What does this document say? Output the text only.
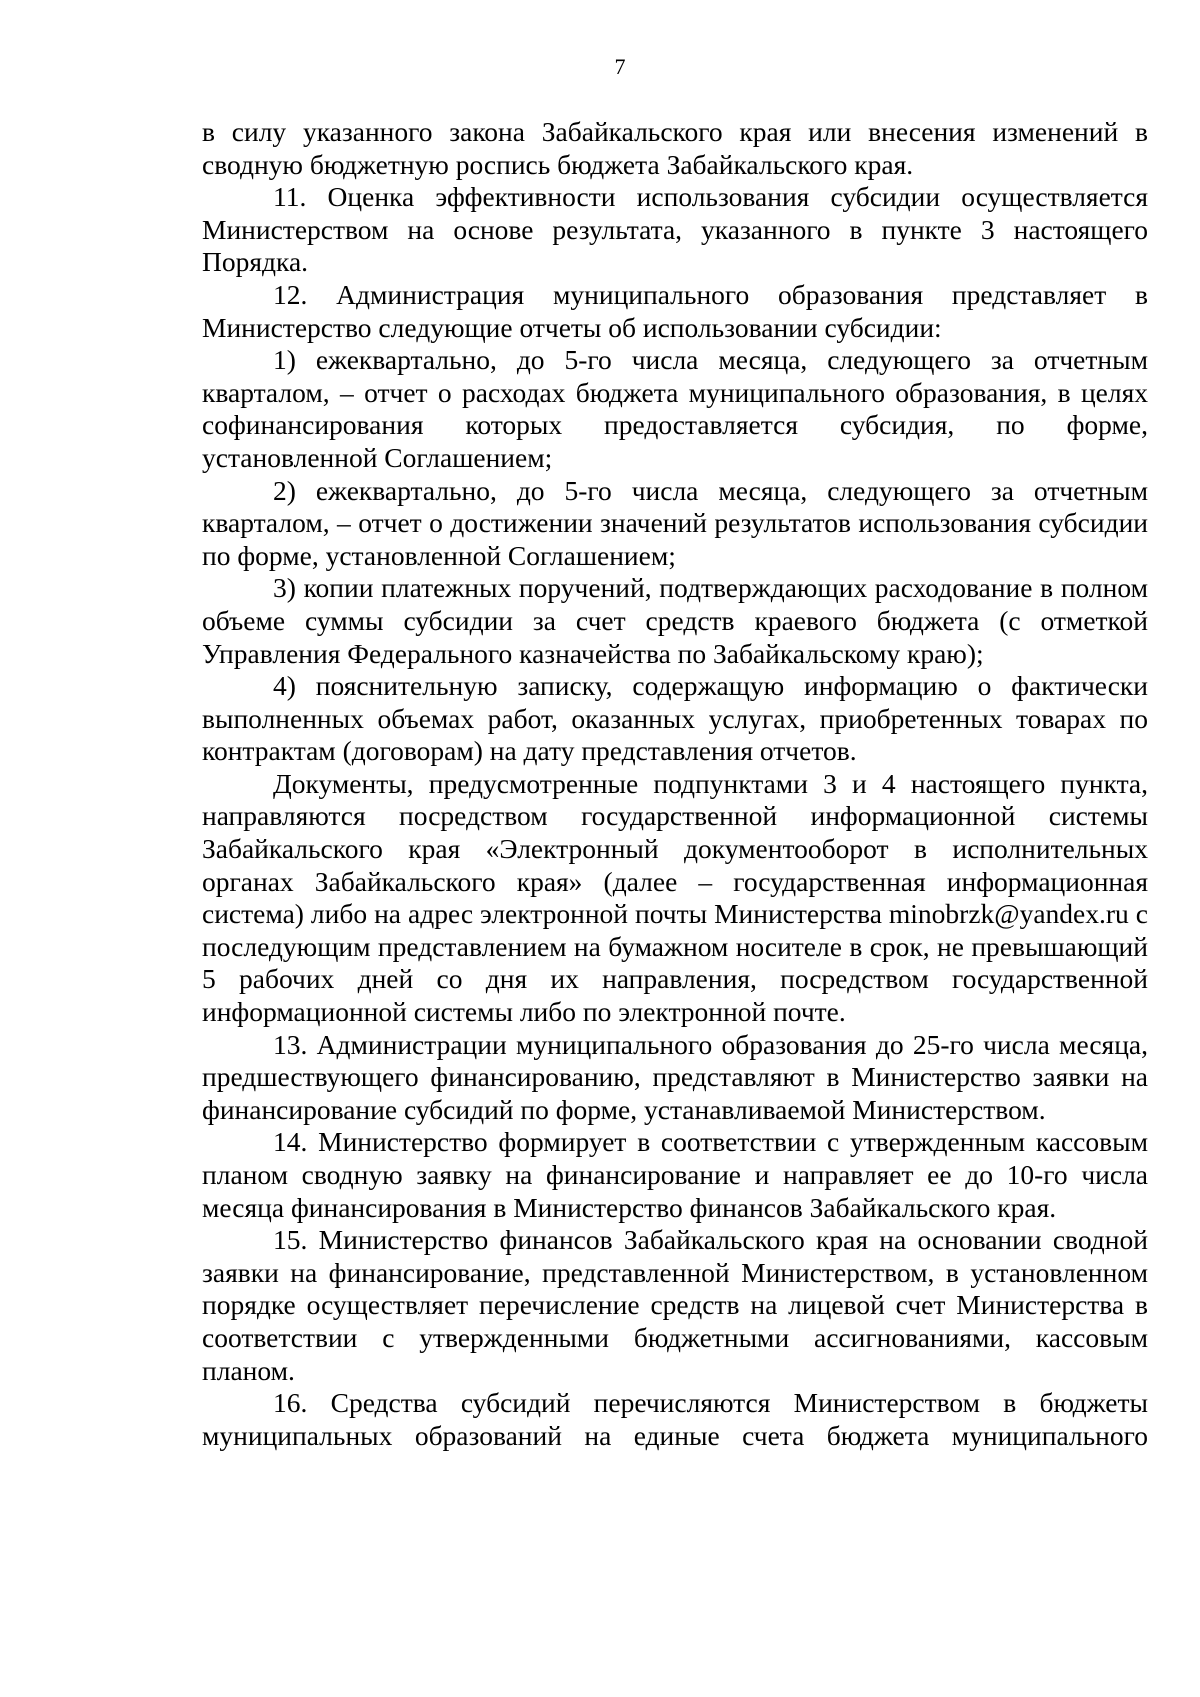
7

в силу указанного закона Забайкальского края или внесения изменений в сводную бюджетную роспись бюджета Забайкальского края.

11. Оценка эффективности использования субсидии осуществляется Министерством на основе результата, указанного в пункте 3 настоящего Порядка.

12. Администрация муниципального образования представляет в Министерство следующие отчеты об использовании субсидии:

1) ежеквартально, до 5-го числа месяца, следующего за отчетным кварталом, – отчет о расходах бюджета муниципального образования, в целях софинансирования которых предоставляется субсидия, по форме, установленной Соглашением;

2) ежеквартально, до 5-го числа месяца, следующего за отчетным кварталом, – отчет о достижении значений результатов использования субсидии по форме, установленной Соглашением;

3) копии платежных поручений, подтверждающих расходование в полном объеме суммы субсидии за счет средств краевого бюджета (с отметкой Управления Федерального казначейства по Забайкальскому краю);

4) пояснительную записку, содержащую информацию о фактически выполненных объемах работ, оказанных услугах, приобретенных товарах по контрактам (договорам) на дату представления отчетов.

Документы, предусмотренные подпунктами 3 и 4 настоящего пункта, направляются посредством государственной информационной системы Забайкальского края «Электронный документооборот в исполнительных органах Забайкальского края» (далее – государственная информационная система) либо на адрес электронной почты Министерства minobrzk@yandex.ru с последующим представлением на бумажном носителе в срок, не превышающий 5 рабочих дней со дня их направления, посредством государственной информационной системы либо по электронной почте.

13. Администрации муниципального образования до 25-го числа месяца, предшествующего финансированию, представляют в Министерство заявки на финансирование субсидий по форме, устанавливаемой Министерством.

14. Министерство формирует в соответствии с утвержденным кассовым планом сводную заявку на финансирование и направляет ее до 10-го числа месяца финансирования в Министерство финансов Забайкальского края.

15. Министерство финансов Забайкальского края на основании сводной заявки на финансирование, представленной Министерством, в установленном порядке осуществляет перечисление средств на лицевой счет Министерства в соответствии с утвержденными бюджетными ассигнованиями, кассовым планом.

16. Средства субсидий перечисляются Министерством в бюджеты муниципальных образований на единые счета бюджета муниципального
